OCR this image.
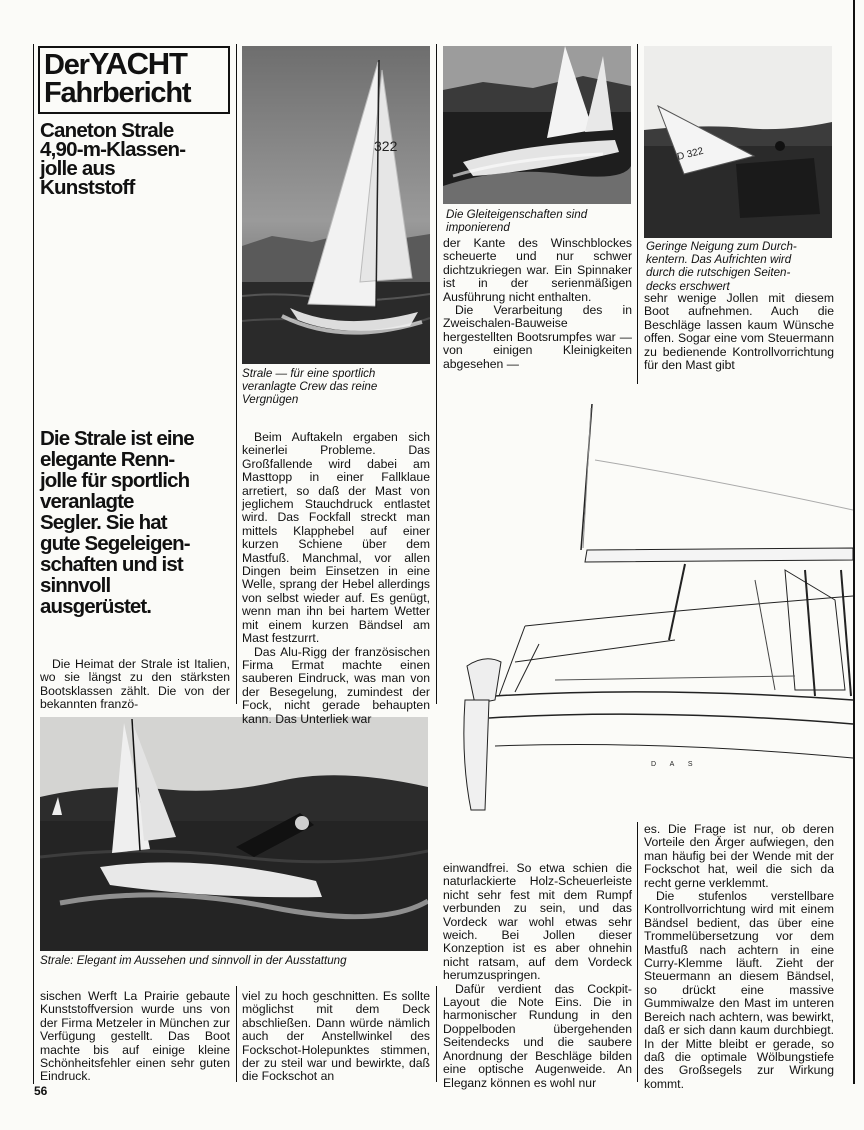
DerYACHT
Fahrbericht
Caneton Strale
4,90-m-Klassen-
jolle aus
Kunststoff
Die Strale ist eine
elegante Renn-
jolle für sportlich
veranlagte
Segler. Sie hat
gute Segeleigen-
schaften und ist
sinnvoll
ausgerüstet.
322
Strale — für eine sportlich
veranlagte Crew das reine
Vergnügen
Die Gleiteigenschaften sind
imponierend
D 322
Geringe Neigung zum Durch-
kentern. Das Aufrichten wird
durch die rutschigen Seiten-
decks erschwert
Strale: Elegant im Aussehen und sinnvoll in der Ausstattung
D A S

Die Heimat der Strale ist Italien, wo sie längst zu den stärksten Bootsklassen zählt. Die von der bekannten franzö-

sischen Werft La Prairie gebaute Kunststoffversion wurde uns von der Firma Metzeler in München zur Verfügung gestellt. Das Boot machte bis auf einige kleine Schönheitsfehler einen sehr guten Eindruck.

Beim Auftakeln ergaben sich keinerlei Probleme. Das Großfallende wird dabei am Masttopp in einer Fallklaue arretiert, so daß der Mast von jeglichem Stauchdruck entlastet wird. Das Fockfall streckt man mittels Klapphebel auf einer kurzen Schiene über dem Mastfuß. Manchmal, vor allen Dingen beim Einsetzen in eine Welle, sprang der Hebel allerdings von selbst wieder auf. Es genügt, wenn man ihn bei hartem Wetter mit einem kurzen Bändsel am Mast festzurrt.

Das Alu-Rigg der französischen Firma Ermat machte einen sauberen Eindruck, was man von der Besegelung, zumindest der Fock, nicht gerade behaupten kann. Das Unterliek war

viel zu hoch geschnitten. Es sollte möglichst mit dem Deck abschließen. Dann würde nämlich auch der Anstellwinkel des Fockschot-Holepunktes stimmen, der zu steil war und bewirkte, daß die Fockschot an

der Kante des Winschblockes scheuerte und nur schwer dichtzukriegen war. Ein Spinnaker ist in der serienmäßigen Ausführung nicht enthalten.

Die Verarbeitung des in Zweischalen-Bauweise hergestellten Bootsrumpfes war — von einigen Kleinigkeiten abgesehen —

einwandfrei. So etwa schien die naturlackierte Holz-Scheuerleiste nicht sehr fest mit dem Rumpf verbunden zu sein, und das Vordeck war wohl etwas sehr weich. Bei Jollen dieser Konzeption ist es aber ohnehin nicht ratsam, auf dem Vordeck herumzuspringen.

Dafür verdient das Cockpit-Layout die Note Eins. Die in harmonischer Rundung in den Doppelboden übergehenden Seitendecks und die saubere Anordnung der Beschläge bilden eine optische Augenweide. An Eleganz können es wohl nur

sehr wenige Jollen mit diesem Boot aufnehmen. Auch die Beschläge lassen kaum Wünsche offen. Sogar eine vom Steuermann zu bedienende Kontrollvorrichtung für den Mast gibt

es. Die Frage ist nur, ob deren Vorteile den Ärger aufwiegen, den man häufig bei der Wende mit der Fockschot hat, weil die sich da recht gerne verklemmt.

Die stufenlos verstellbare Kontrollvorrichtung wird mit einem Bändsel bedient, das über eine Trommelübersetzung vor dem Mastfuß nach achtern in eine Curry-Klemme läuft. Zieht der Steuermann an diesem Bändsel, so drückt eine massive Gummiwalze den Mast im unteren Bereich nach achtern, was bewirkt, daß er sich dann kaum durchbiegt. In der Mitte bleibt er gerade, so daß die optimale Wölbungstiefe des Großsegels zur Wirkung kommt.

56
